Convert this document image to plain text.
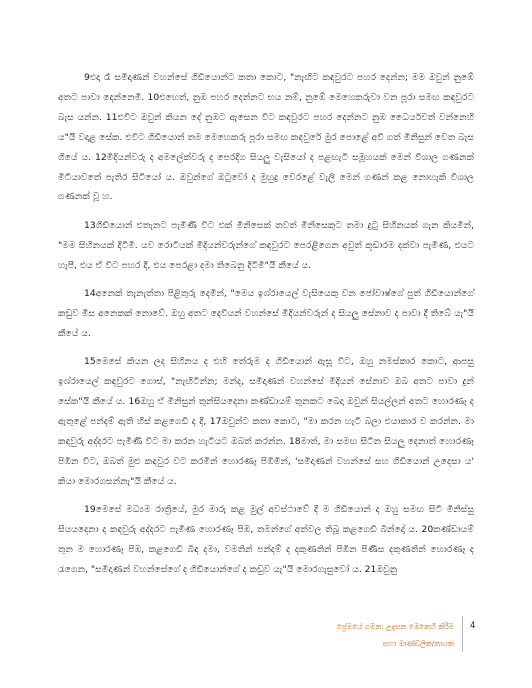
9එදා රෑ සමිදාණන් වහන්සේ ගිඩියොන්ට කතා කොට, "නැඟිට කඳවුරට පහර දෙන්න; මම ඔවුන් නුඹේ අතට පාවා දෙන්නෙමි. 10එහෙත්, නුඹ පහර දෙන්නට භය නම්, නුඹේ මෙහෙකරුවා වන පූරා සමඟ කඳවුරට බැස යන්න. 11එවිට ඔවුන් කියන දේ නුඹට ඇසෙන විට කඳවුරට පහර දෙන්නට නුඹ ධෛර්යවත් වන්නෙහි ය"යි වදාළ සේක. එවිට ගිඩියොන් තම මෙහෙකරු පූරා සමඟ කඳවුරේ මුර පොළේ අවි ගත් මිනිසුන් වෙත බැස ගියේ ය. 12මිදියන්වරු ද අමලේක්වරු ද පෙරදිග සියලු වැසියෝ ද පළඟැටි සමූහයක් මෙන් විශාල ගණනක් මිටියාවතේ පැතිර සිටියෝ ය. ඔවුන්ගේ ඔටුවෝ ද මුහුදු වෙරළේ වැලි මෙන් ගණන් කළ නොහැකි විශාල ගණනක් වූ හ.

13ගිඩියොන් එතැනට පැමිණි විට එක් මිනිසෙක් තවත් මිනිසෙකුට තමා දුටු සිහිනයක් ගැන කියමින්, "මම සිහිනයක් දිටිමි. යව රොටියක් මිදියන්වරුන්ගේ කඳවුරට පෙරළීගෙන අවුත් කූඩාරම දක්වා පැමිණ, එයට හැපී, එය ඒ විට පහර දී, එය පෙරළා දමා තිබෙනු දිටිමි"යි කීයේ ය.

14අනෙක් තැනැත්තා පිළිතුරු දෙමින්, "මෙය ඉශ්රායෙල් වැසියෙකු වන ජෝවාෂ්ගේ පුත් ගිඩියොන්ගේ කඩුව මිස අනෙකක් නොවේ. ඔහු අතට දෙවියන් වහන්සේ මිදියන්වරුන් ද සියලු සේනාව ද පාවා දී තිබේ යැ"යි කීයේ ය.

15මෙසේ කියන ලද සිහිනය ද එහි තේරුම ද ගිඩියොන් ඇසූ විට, ඔහු නමස්කාර කොට, ආපසු ඉශ්රායෙල් කඳවුරට ගොස්, "නැඟිටින්න; මන්ද, සමිදාණන් වහන්සේ මිදියන් සේනාව ඔබ අතට පාවා දුන් සේක"යි කීයේ ය. 16ඔහු ඒ මිනිසුන් තුන්සියදෙනා කණ්ඩායම් තුනකට බෙදා ඔවුන් සියල්ලන් අතට හොරණෑ ද ඇතුළේ පන්දම් ඇති හිස් කළගෙඩි ද දී, 17ඔවුන්ට කතා කොට, "මා කරන හැටි බලා එයාකාර ව කරන්න. මා කඳවුරු අද්දරට පැමිණි විට මා කරන හැටියට ඔබත් කරන්න. 18මාත්, මා සමඟ සිටින සියලු දෙනාත් හොරණෑ පිඹින විට, ඔබත් මුළු කඳවුර වට කරමින් හොරණෑ පිඹිමින්, 'සමිදාණන් වහන්සේ සහ ගිඩියොන් උදෙසා ය' කියා මොරගසන්නැ"යි කීයේ ය.

19මෙසේ මධ්‍යම රාත්‍රියේ, මුර මාරු කළ මුල් අවස්ථාවේ දී ම ගිඩියොන් ද ඔහු සමඟ සිටි මිනිස්සු සියයදෙනා ද කඳවුරු අද්දරට පැමිණ හොරණෑ පිඹ, තමන්ගේ අත්වල තිබූ කළගෙඩි බින්දෝ ය. 20කණ්ඩායම් තුන ම හොරණෑ පිඹ, කළගෙඩි බිඳ දමා, වමතින් පන්දම් ද දකුණතින් පිඹින පිණිස දකුණතින් හොරණෑ ද රැගෙන, "සමිදාණන් වහන්සේගේ ද ගිඩියොන්ගේ ද කඩුව යැ"යි මොරගැසුවෝ ය. 21ඔවුනු

ප්‍රේමයේ ගමන: උදැසන මෙනෙහි කිරීම
සහා මාණ්ඩලික/නායක
4
